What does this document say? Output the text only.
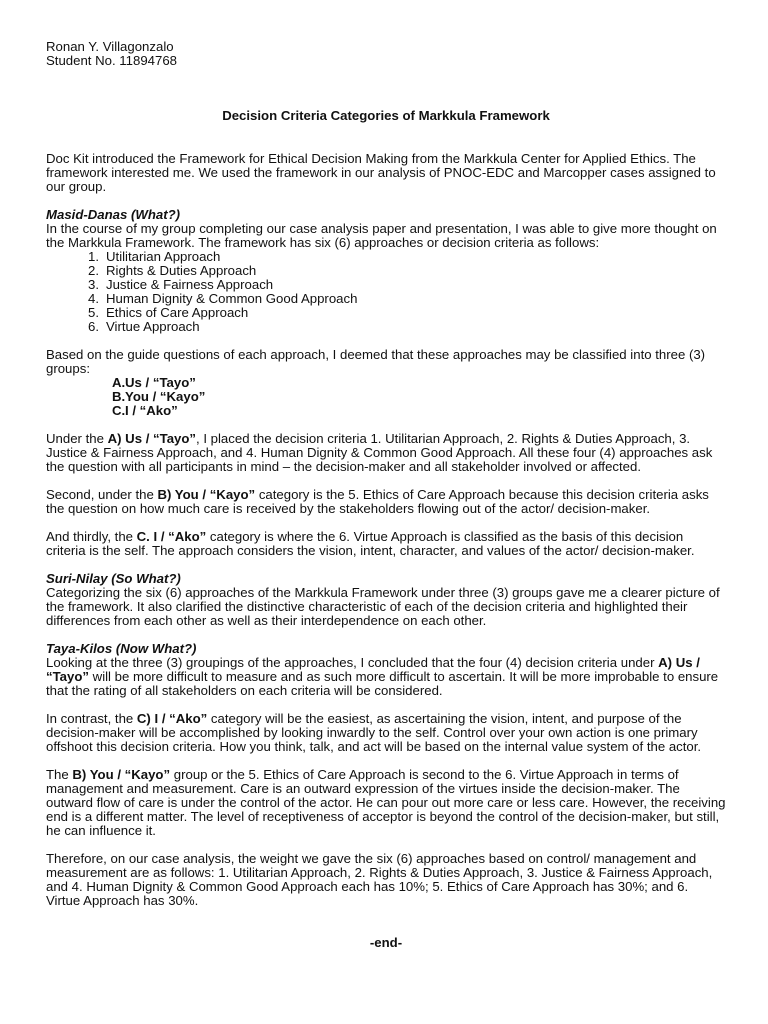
Ronan Y. Villagonzalo

Student No. 11894768

Decision Criteria Categories of Markkula Framework

Doc Kit introduced the Framework for Ethical Decision Making from the Markkula Center for Applied Ethics. The framework interested me. We used the framework in our analysis of PNOC-EDC and Marcopper cases assigned to our group.

Masid-Danas (What?)

In the course of my group completing our case analysis paper and presentation, I was able to give more thought on the Markkula Framework. The framework has six (6) approaches or decision criteria as follows:

1. Utilitarian Approach
2. Rights & Duties Approach
3. Justice & Fairness Approach
4. Human Dignity & Common Good Approach
5. Ethics of Care Approach
6. Virtue Approach

Based on the guide questions of each approach, I deemed that these approaches may be classified into three (3) groups:

A. Us / “Tayo”
B. You / “Kayo”
C. I / “Ako”

Under the A) Us / “Tayo”, I placed the decision criteria 1. Utilitarian Approach, 2. Rights & Duties Approach, 3. Justice & Fairness Approach, and 4. Human Dignity & Common Good Approach. All these four (4) approaches ask the question with all participants in mind – the decision-maker and all stakeholder involved or affected.

Second, under the B) You / “Kayo” category is the 5. Ethics of Care Approach because this decision criteria asks the question on how much care is received by the stakeholders flowing out of the actor/ decision-maker.

And thirdly, the C. I / “Ako” category is where the 6. Virtue Approach is classified as the basis of this decision criteria is the self. The approach considers the vision, intent, character, and values of the actor/ decision-maker.

Suri-Nilay (So What?)

Categorizing the six (6) approaches of the Markkula Framework under three (3) groups gave me a clearer picture of the framework. It also clarified the distinctive characteristic of each of the decision criteria and highlighted their differences from each other as well as their interdependence on each other.

Taya-Kilos (Now What?)

Looking at the three (3) groupings of the approaches, I concluded that the four (4) decision criteria under A) Us / “Tayo” will be more difficult to measure and as such more difficult to ascertain. It will be more improbable to ensure that the rating of all stakeholders on each criteria will be considered.

In contrast, the C) I / “Ako” category will be the easiest, as ascertaining the vision, intent, and purpose of the decision-maker will be accomplished by looking inwardly to the self. Control over your own action is one primary offshoot this decision criteria. How you think, talk, and act will be based on the internal value system of the actor.

The B) You / “Kayo” group or the 5. Ethics of Care Approach is second to the 6. Virtue Approach in terms of management and measurement. Care is an outward expression of the virtues inside the decision-maker. The outward flow of care is under the control of the actor. He can pour out more care or less care. However, the receiving end is a different matter. The level of receptiveness of acceptor is beyond the control of the decision-maker, but still, he can influence it.

Therefore, on our case analysis, the weight we gave the six (6) approaches based on control/ management and measurement are as follows: 1. Utilitarian Approach, 2. Rights & Duties Approach, 3. Justice & Fairness Approach, and 4. Human Dignity & Common Good Approach each has 10%; 5. Ethics of Care Approach has 30%; and 6. Virtue Approach has 30%.

-end-
